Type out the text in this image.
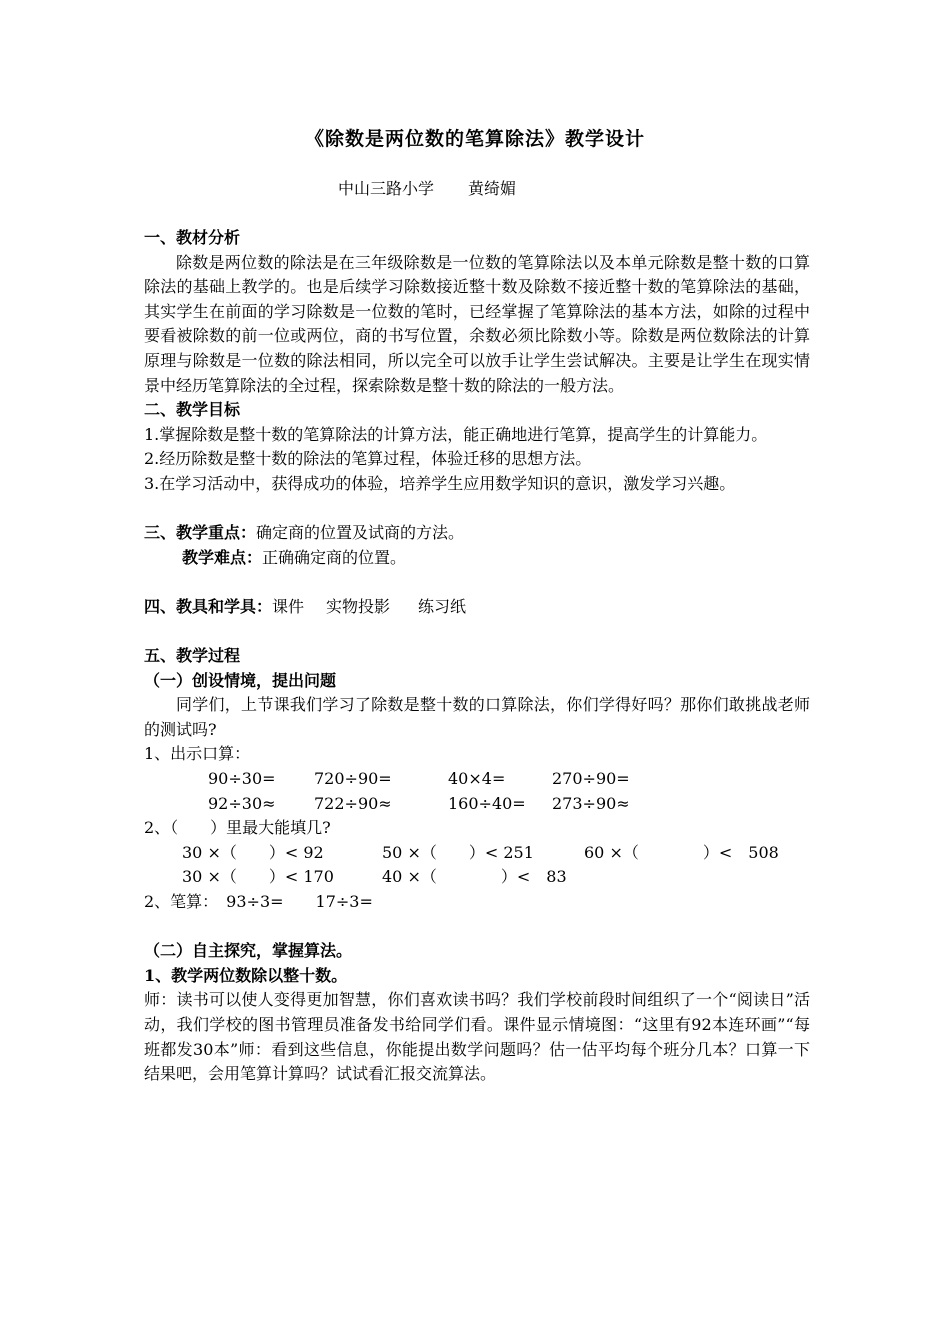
《除数是两位数的笔算除法》教学设计
中山三路小学 黄绮媚
一、教材分析
除数是两位数的除法是在三年级除数是一位数的笔算除法以及本单元除数是整十数的口算除法的基础上教学的。也是后续学习除数接近整十数及除数不接近整十数的笔算除法的基础，其实学生在前面的学习除数是一位数的笔时，已经掌握了笔算除法的基本方法，如除的过程中要看被除数的前一位或两位，商的书写位置，余数必须比除数小等。除数是两位数除法的计算原理与除数是一位数的除法相同，所以完全可以放手让学生尝试解决。主要是让学生在现实情景中经历笔算除法的全过程，探索除数是整十数的除法的一般方法。
二、教学目标
1.掌握除数是整十数的笔算除法的计算方法，能正确地进行笔算，提高学生的计算能力。
2.经历除数是整十数的除法的笔算过程，体验迁移的思想方法。
3.在学习活动中，获得成功的体验，培养学生应用数学知识的意识，激发学习兴趣。
三、教学重点：确定商的位置及试商的方法。
教学难点：正确确定商的位置。
四、教具和学具：课件 实物投影 练习纸
五、教学过程
（一）创设情境，提出问题
同学们，上节课我们学习了除数是整十数的口算除法，你们学得好吗？那你们敢挑战老师的测试吗?
1、出示口算：
90÷30= 720÷90=	40×4=	270÷90=
92÷30≈ 722÷90≈	160÷40= 273÷90≈
2、（　　）里最大能填几?
30 ×（　　）< 92	50 ×（　　）< 251	60 ×（　　　　）<　508
30 ×（　　）< 170	40 ×（　　　　）<　83
2、笔算：　93÷3=　　17÷3=
（二）自主探究，掌握算法。
1、教学两位数除以整十数。
师：读书可以使人变得更加智慧，你们喜欢读书吗？我们学校前段时间组织了一个“阅读日”活动，我们学校的图书管理员准备发书给同学们看。课件显示情境图：“这里有92本连环画”“每班都发30本”师：看到这些信息，你能提出数学问题吗？估一估平均每个班分几本？口算一下结果吧，会用笔算计算吗？试试看汇报交流算法。
